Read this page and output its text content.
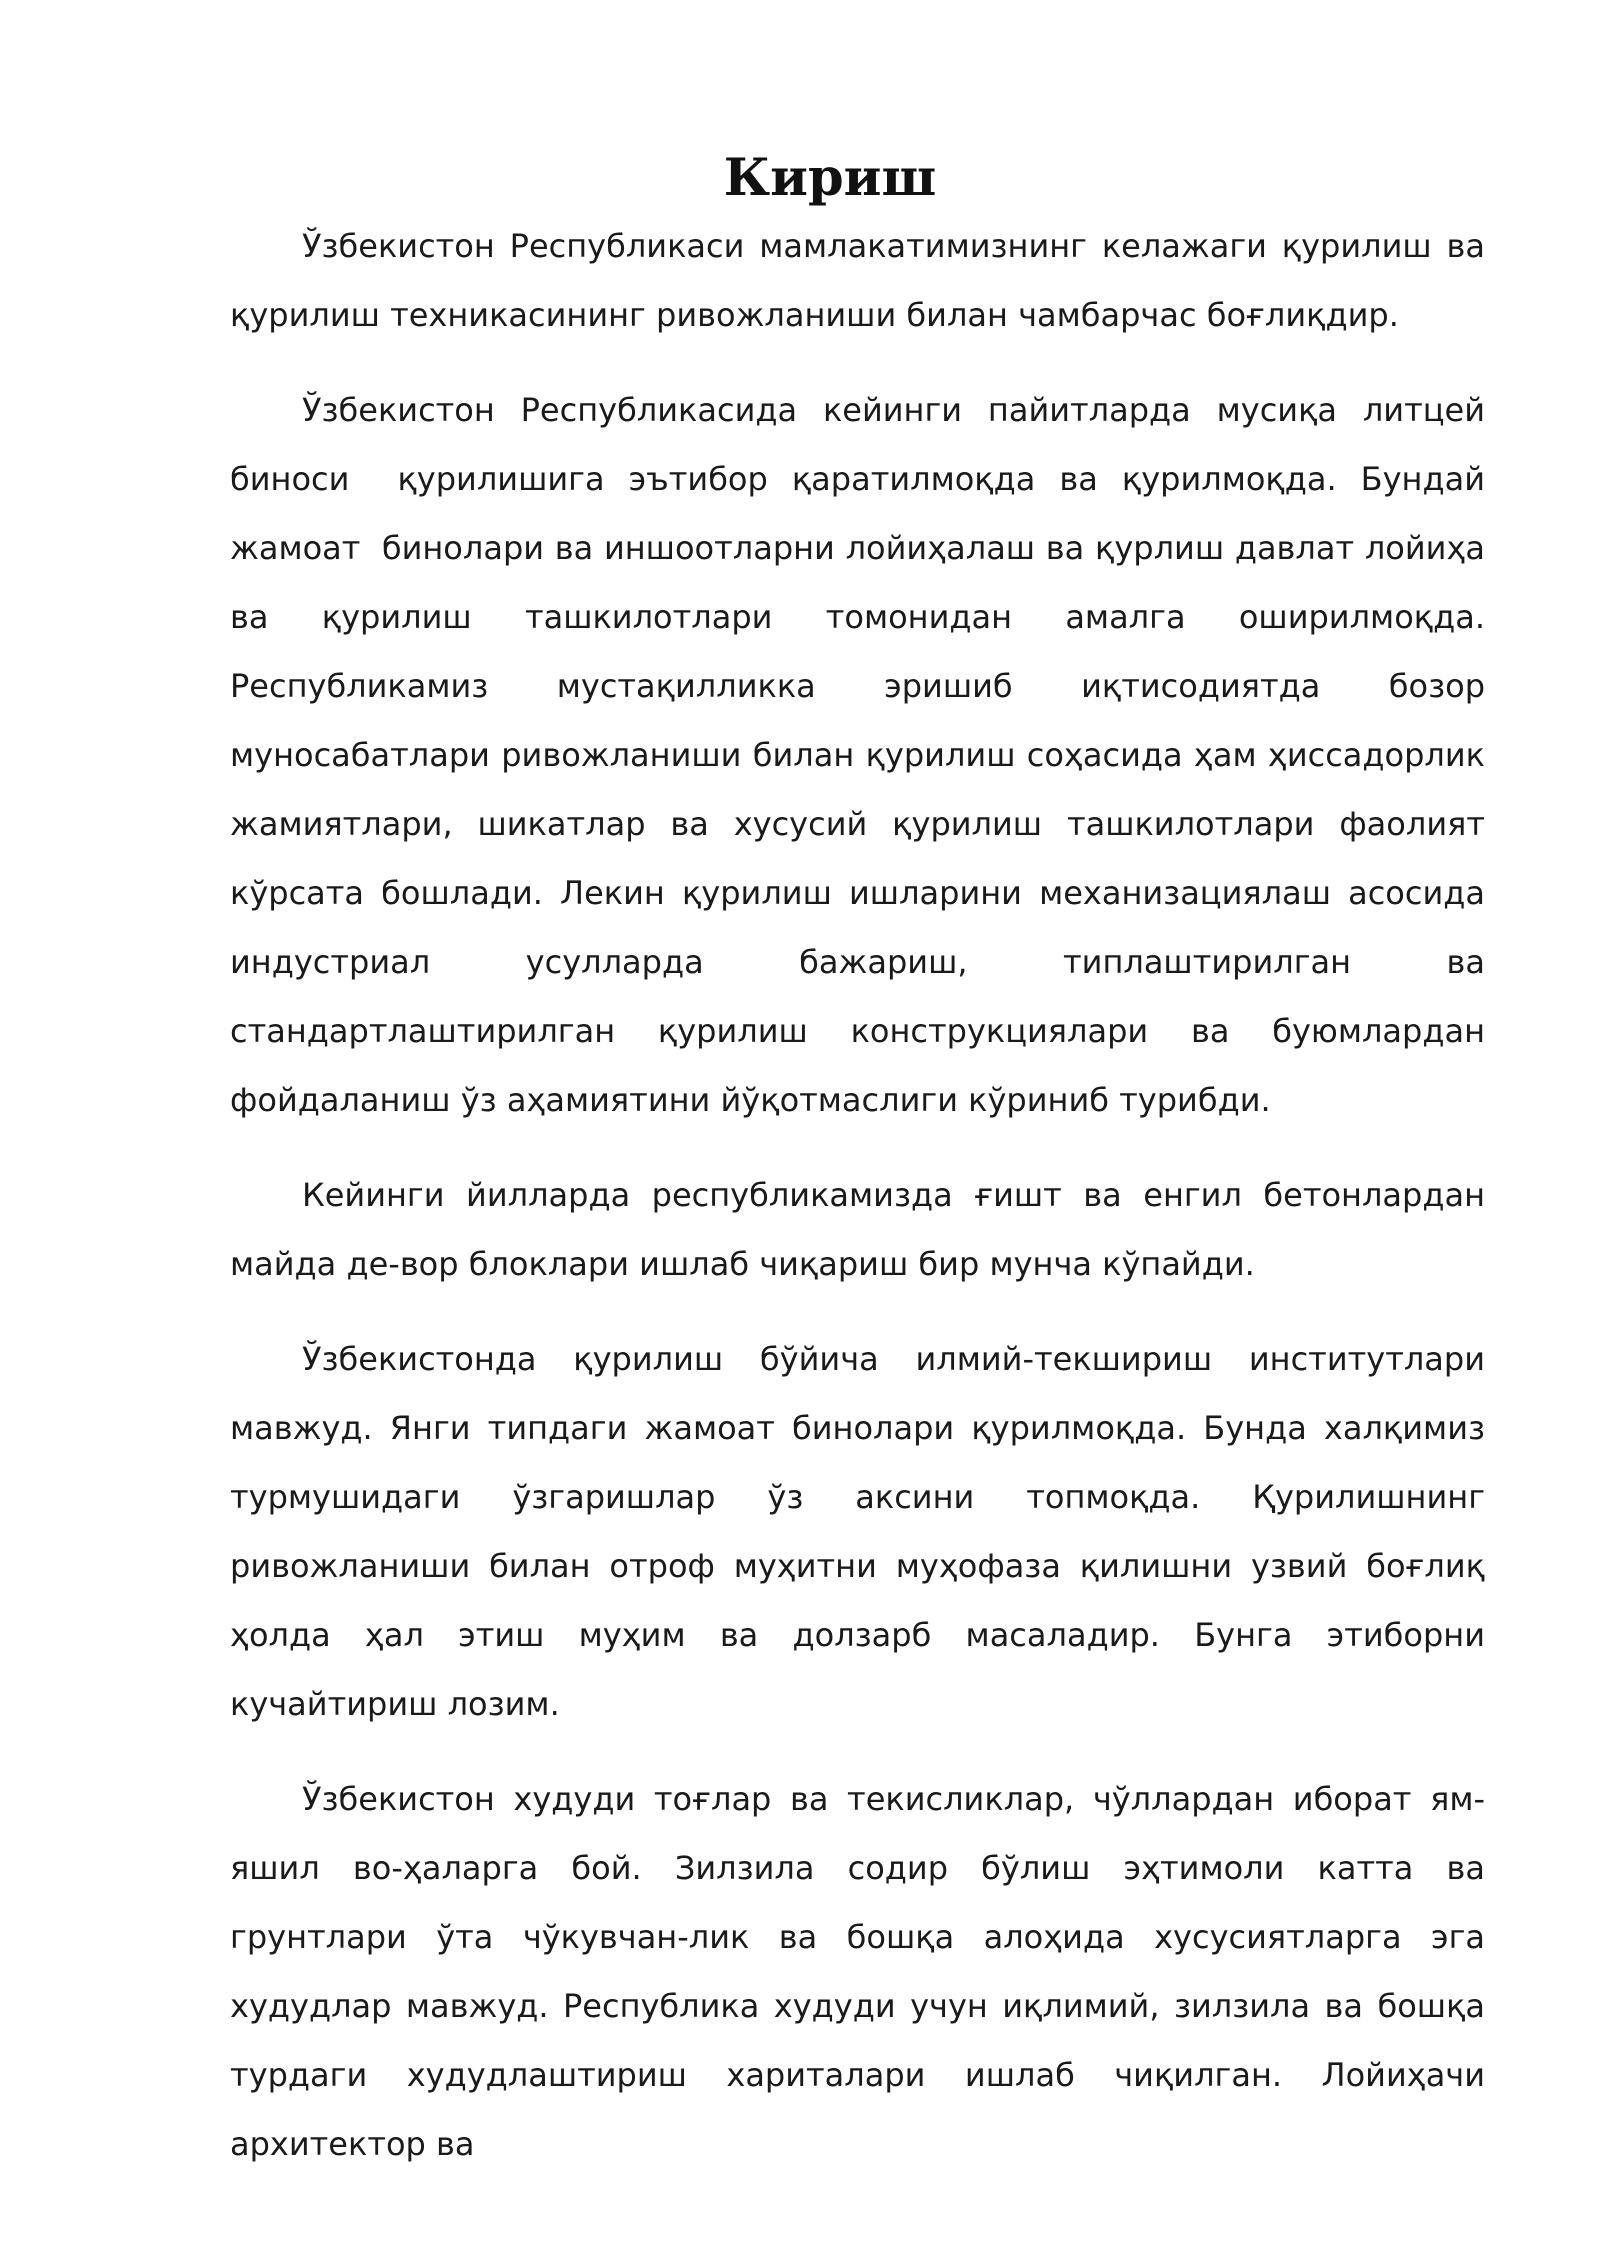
Кириш

Ўзбекистон Республикаси мамлакатимизнинг келажаги қурилиш ва қурилиш техникасининг ривожланиши билан чамбарчас боғлиқдир.

Ўзбекистон Республикасида кейинги пайитларда мусиқа литцей биноси  қурилишига эътибор қаратилмоқда ва қурилмоқда. Бундай жамоат  бинолари ва иншоотларни лойиҳалаш ва қурлиш давлат лойиҳа ва қурилиш ташкилотлари томонидан амалга оширилмоқда. Республикамиз мустақилликка эришиб иқтисодиятда бозор муносабатлари ривожланиши билан қурилиш соҳасида ҳам ҳиссадорлик жамиятлари, шикатлар ва хусусий қурилиш ташкилотлари фаолият кўрсата бошлади. Лекин қурилиш ишларини механизациялаш асосида индустриал усулларда бажариш, типлаштирилган ва стандартлаштирилган қурилиш конструкциялари ва буюмлардан фойдаланиш ўз аҳамиятини йўқотмаслиги кўриниб турибди.

Кейинги йилларда республикамизда ғишт ва енгил бетонлардан майда де-вор блоклари ишлаб чиқариш бир мунча кўпайди.

Ўзбекистонда қурилиш бўйича илмий-текшириш институтлари мавжуд. Янги типдаги жамоат бинолари қурилмоқда. Бунда халқимиз турмушидаги ўзгаришлар ўз аксини топмоқда. Қурилишнинг ривожланиши билан отроф муҳитни муҳофаза қилишни узвий боғлиқ ҳолда ҳал этиш муҳим ва долзарб масаладир. Бунга этиборни кучайтириш лозим.

Ўзбекистон худуди тоғлар ва текисликлар, чўллардан иборат ям-яшил во-ҳаларга бой. Зилзила содир бўлиш эҳтимоли катта ва грунтлари ўта чўкувчан-лик ва бошқа алоҳида хусусиятларга эга худудлар мавжуд. Республика худуди учун иқлимий, зилзила ва бошқа турдаги худудлаштириш хариталари ишлаб чиқилган. Лойиҳачи архитектор ва
